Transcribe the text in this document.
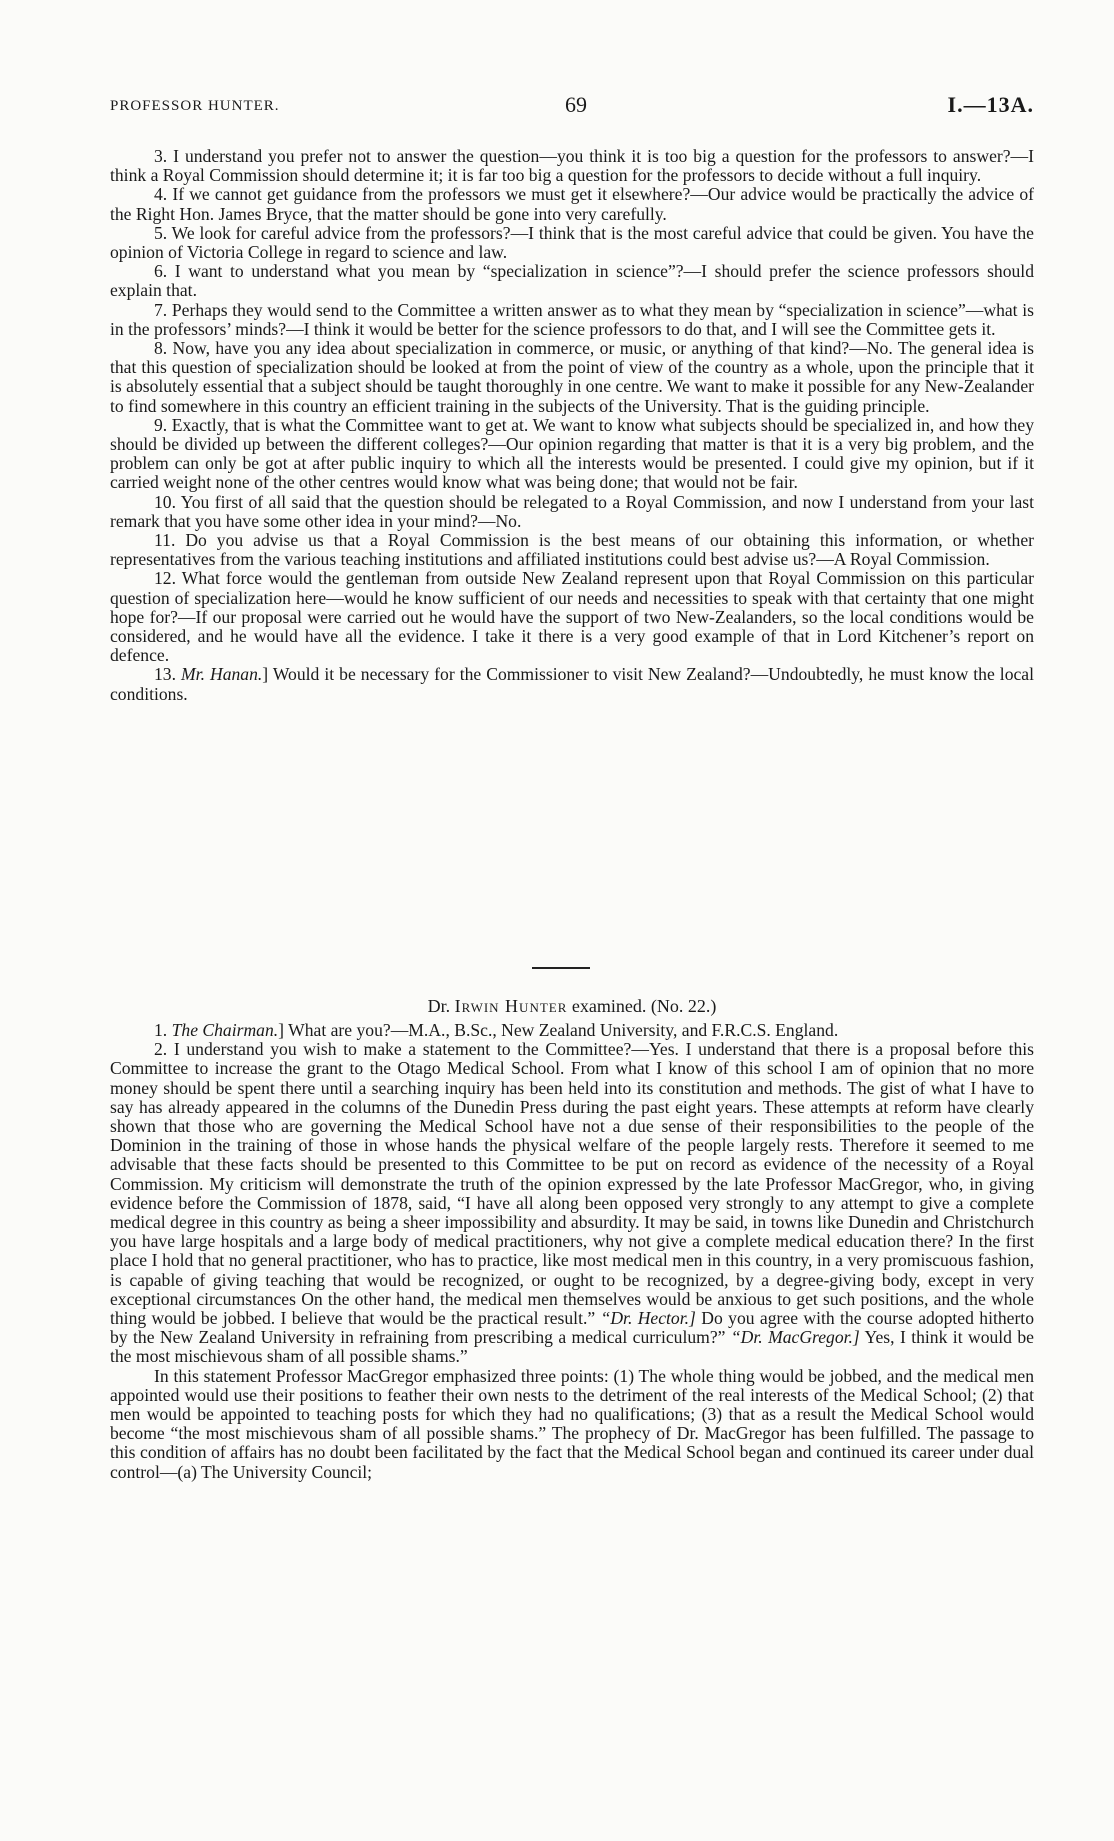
PROFESSOR HUNTER.	69	I.—13A.

3. I understand you prefer not to answer the question—you think it is too big a question for the professors to answer?—I think a Royal Commission should determine it; it is far too big a question for the professors to decide without a full inquiry.

4. If we cannot get guidance from the professors we must get it elsewhere?—Our advice would be practically the advice of the Right Hon. James Bryce, that the matter should be gone into very carefully.

5. We look for careful advice from the professors?—I think that is the most careful advice that could be given. You have the opinion of Victoria College in regard to science and law.

6. I want to understand what you mean by “specialization in science”?—I should prefer the science professors should explain that.

7. Perhaps they would send to the Committee a written answer as to what they mean by “specialization in science”—what is in the professors’ minds?—I think it would be better for the science professors to do that, and I will see the Committee gets it.

8. Now, have you any idea about specialization in commerce, or music, or anything of that kind?—No. The general idea is that this question of specialization should be looked at from the point of view of the country as a whole, upon the principle that it is absolutely essential that a subject should be taught thoroughly in one centre. We want to make it possible for any New-Zealander to find somewhere in this country an efficient training in the subjects of the University. That is the guiding principle.

9. Exactly, that is what the Committee want to get at. We want to know what subjects should be specialized in, and how they should be divided up between the different colleges?—Our opinion regarding that matter is that it is a very big problem, and the problem can only be got at after public inquiry to which all the interests would be presented. I could give my opinion, but if it carried weight none of the other centres would know what was being done; that would not be fair.

10. You first of all said that the question should be relegated to a Royal Commission, and now I understand from your last remark that you have some other idea in your mind?—No.

11. Do you advise us that a Royal Commission is the best means of our obtaining this information, or whether representatives from the various teaching institutions and affiliated institutions could best advise us?—A Royal Commission.

12. What force would the gentleman from outside New Zealand represent upon that Royal Commission on this particular question of specialization here—would he know sufficient of our needs and necessities to speak with that certainty that one might hope for?—If our proposal were carried out he would have the support of two New-Zealanders, so the local conditions would be considered, and he would have all the evidence. I take it there is a very good example of that in Lord Kitchener’s report on defence.

13. Mr. Hanan.] Would it be necessary for the Commissioner to visit New Zealand?—Undoubtedly, he must know the local conditions.

Dr. Irwin Hunter examined. (No. 22.)

1. The Chairman.] What are you?—M.A., B.Sc., New Zealand University, and F.R.C.S. England.

2. I understand you wish to make a statement to the Committee?—Yes. I understand that there is a proposal before this Committee to increase the grant to the Otago Medical School. From what I know of this school I am of opinion that no more money should be spent there until a searching inquiry has been held into its constitution and methods. The gist of what I have to say has already appeared in the columns of the Dunedin Press during the past eight years. These attempts at reform have clearly shown that those who are governing the Medical School have not a due sense of their responsibilities to the people of the Dominion in the training of those in whose hands the physical welfare of the people largely rests. Therefore it seemed to me advisable that these facts should be presented to this Committee to be put on record as evidence of the necessity of a Royal Commission. My criticism will demonstrate the truth of the opinion expressed by the late Professor MacGregor, who, in giving evidence before the Commission of 1878, said, “I have all along been opposed very strongly to any attempt to give a complete medical degree in this country as being a sheer impossibility and absurdity. It may be said, in towns like Dunedin and Christchurch you have large hospitals and a large body of medical practitioners, why not give a complete medical education there? In the first place I hold that no general practitioner, who has to practice, like most medical men in this country, in a very promiscuous fashion, is capable of giving teaching that would be recognized, or ought to be recognized, by a degree-giving body, except in very exceptional circumstances On the other hand, the medical men themselves would be anxious to get such positions, and the whole thing would be jobbed. I believe that would be the practical result.” “Dr. Hector.] Do you agree with the course adopted hitherto by the New Zealand University in refraining from prescribing a medical curriculum?” “Dr. MacGregor.] Yes, I think it would be the most mischievous sham of all possible shams.”

In this statement Professor MacGregor emphasized three points: (1) The whole thing would be jobbed, and the medical men appointed would use their positions to feather their own nests to the detriment of the real interests of the Medical School; (2) that men would be appointed to teaching posts for which they had no qualifications; (3) that as a result the Medical School would become “the most mischievous sham of all possible shams.” The prophecy of Dr. MacGregor has been fulfilled. The passage to this condition of affairs has no doubt been facilitated by the fact that the Medical School began and continued its career under dual control—(a) The University Council;
